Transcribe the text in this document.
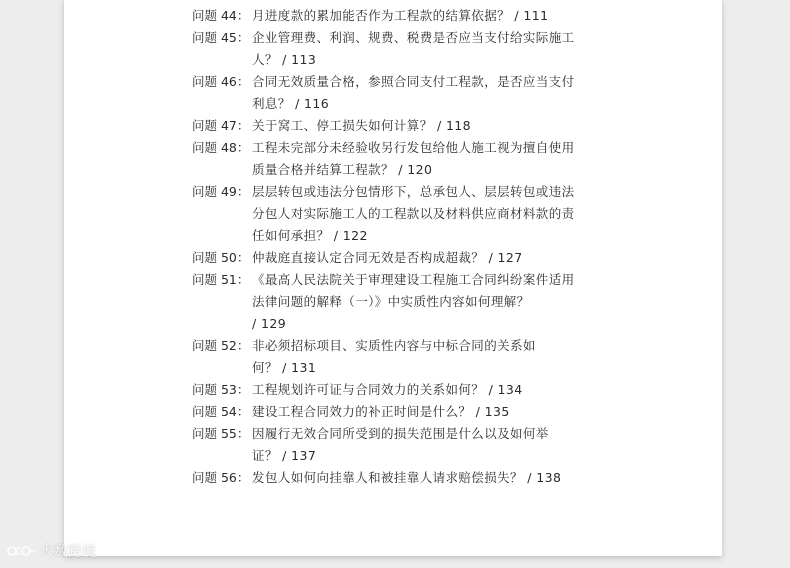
问题 44： 月进度款的累加能否作为工程款的结算依据？ / 111
问题 45： 企业管理费、利润、规费、税费是否应当支付给实际施工
人？ / 113
问题 46： 合同无效质量合格，参照合同支付工程款，是否应当支付
利息？ / 116
问题 47： 关于窝工、停工损失如何计算？ / 118
问题 48： 工程未完部分未经验收另行发包给他人施工视为擅自使用
质量合格并结算工程款？ / 120
问题 49： 层层转包或违法分包情形下，总承包人、层层转包或违法
分包人对实际施工人的工程款以及材料供应商材料款的责
任如何承担？ / 122
问题 50： 仲裁庭直接认定合同无效是否构成超裁？ / 127
问题 51： 《最高人民法院关于审理建设工程施工合同纠纷案件适用
法律问题的解释（一）》中实质性内容如何理解？
/ 129
问题 52： 非必须招标项目、实质性内容与中标合同的关系如
何？ / 131
问题 53： 工程规划许可证与合同效力的关系如何？ / 134
问题 54： 建设工程合同效力的补正时间是什么？ / 135
问题 55： 因履行无效合同所受到的损失范围是什么以及如何举
证？ / 137
问题 56： 发包人如何向挂靠人和被挂靠人请求赔偿损失？ / 138
大数跨境
